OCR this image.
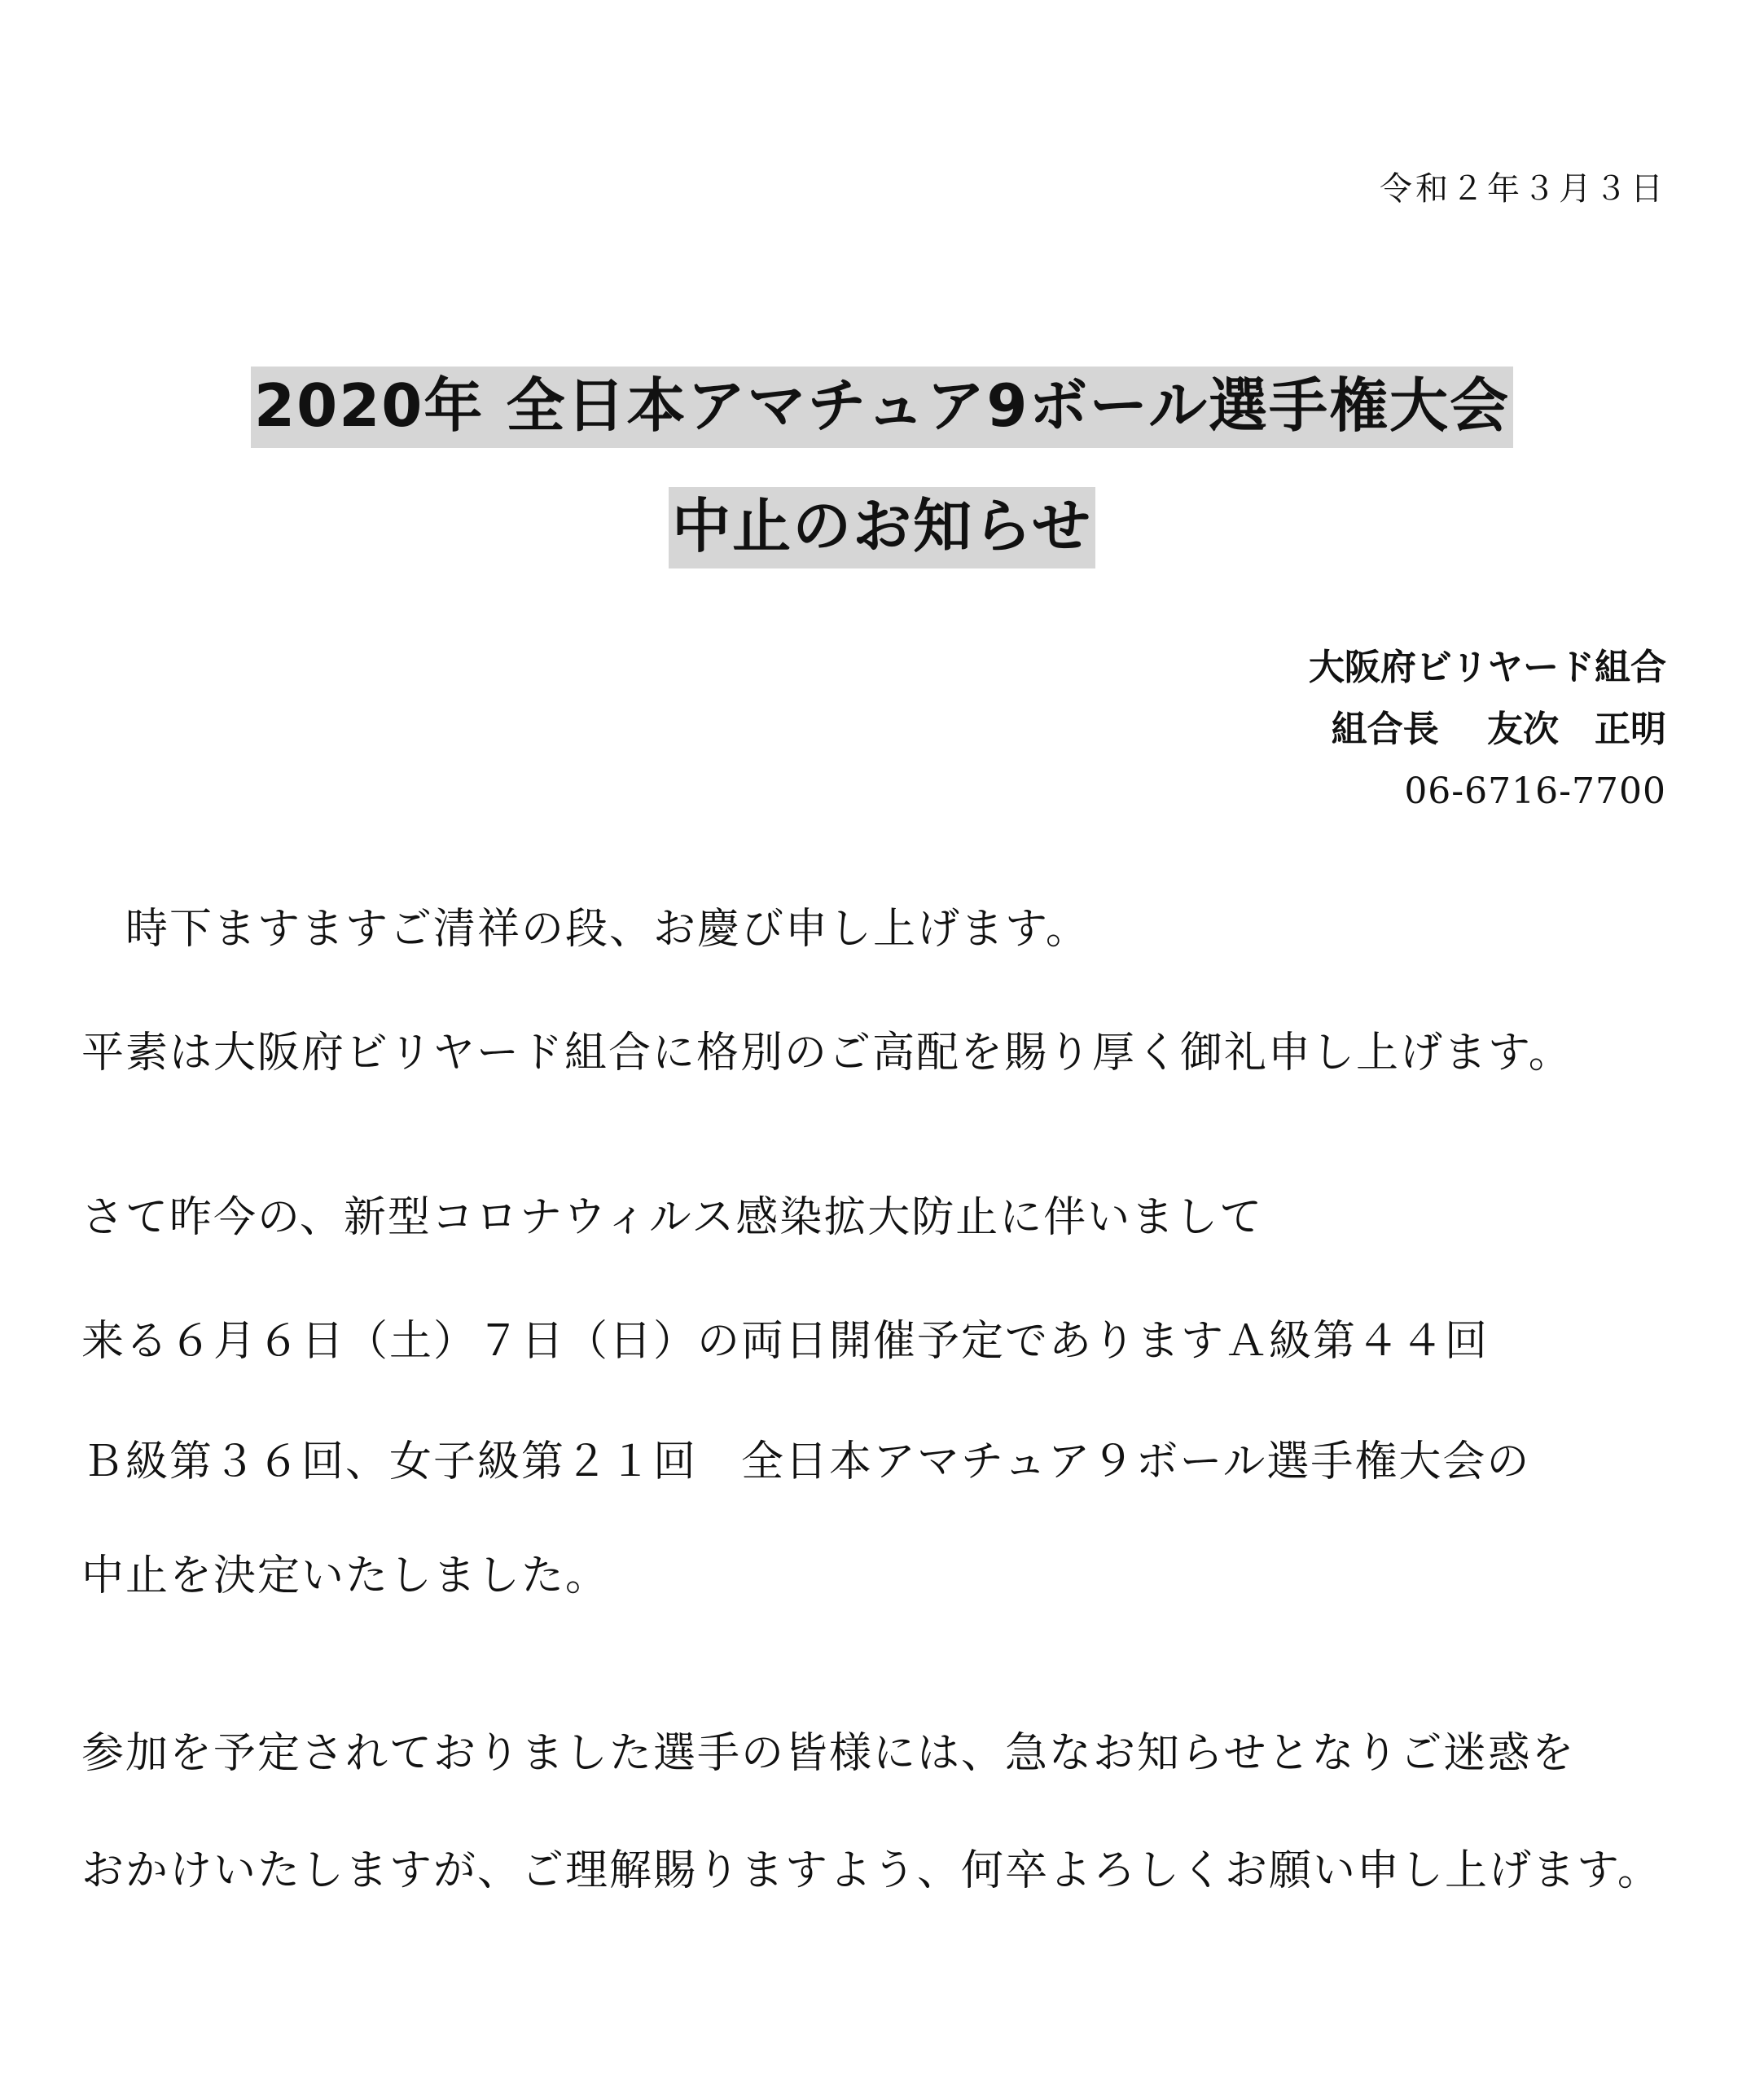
令和２年３月３日
2020年 全日本アマチュア9ボール選手権大会
中止のお知らせ
大阪府ビリヤード組合
組合長　 友次　正明
06-6716-7700
　時下ますますご清祥の段、お慶び申し上げます。
平素は大阪府ビリヤード組合に格別のご高配を賜り厚く御礼申し上げます。
さて昨今の、新型コロナウィルス感染拡大防止に伴いまして
来る６月６日（土）７日（日）の両日開催予定でありますＡ級第４４回
Ｂ級第３６回、女子級第２１回　全日本アマチュア９ボール選手権大会の
中止を決定いたしました。
参加を予定されておりました選手の皆様には、急なお知らせとなりご迷惑を
おかけいたしますが、ご理解賜りますよう、何卒よろしくお願い申し上げます。
